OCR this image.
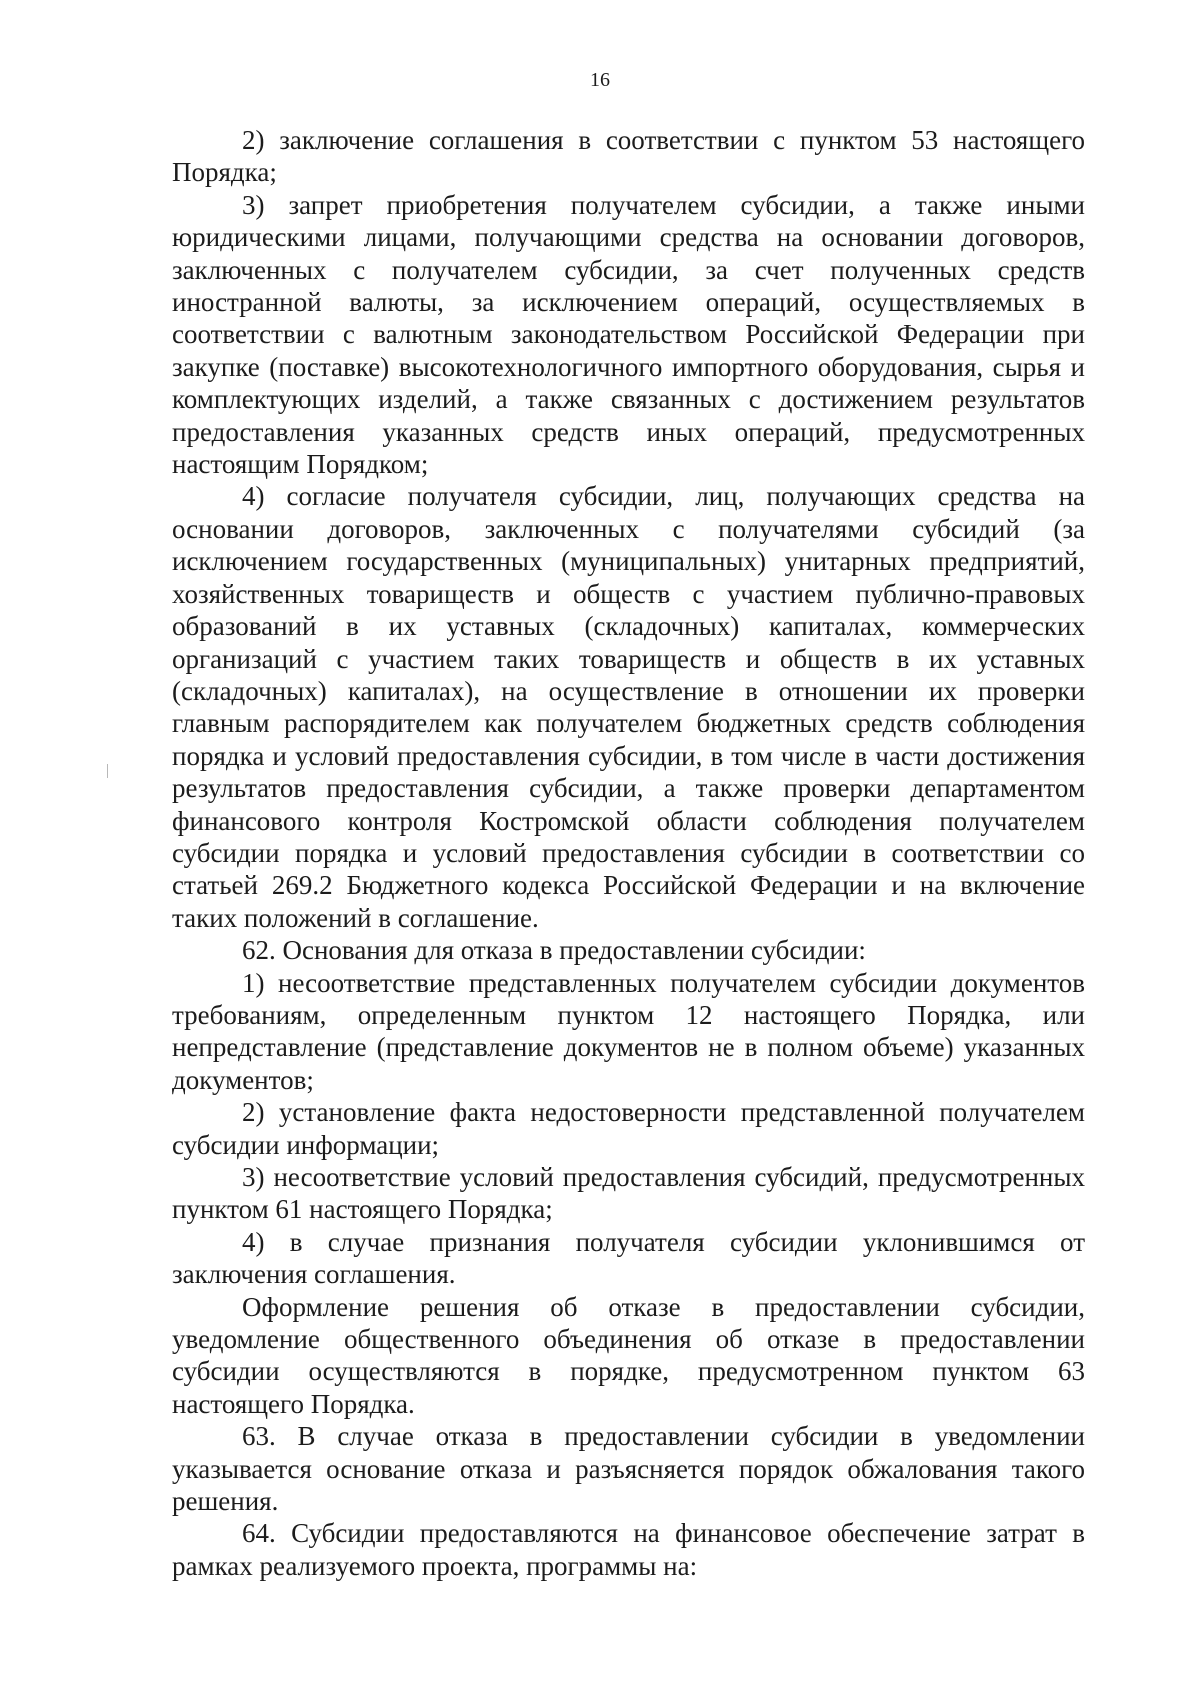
16

2) заключение соглашения в соответствии с пунктом 53 настоящего Порядка;

3) запрет приобретения получателем субсидии, а также иными юридическими лицами, получающими средства на основании договоров, заключенных с получателем субсидии, за счет полученных средств иностранной валюты, за исключением операций, осуществляемых в соответствии с валютным законодательством Российской Федерации при закупке (поставке) высокотехнологичного импортного оборудования, сырья и комплектующих изделий, а также связанных с достижением результатов предоставления указанных средств иных операций, предусмотренных настоящим Порядком;

4) согласие получателя субсидии, лиц, получающих средства на основании договоров, заключенных с получателями субсидий (за исключением государственных (муниципальных) унитарных предприятий, хозяйственных товариществ и обществ с участием публично-правовых образований в их уставных (складочных) капиталах, коммерческих организаций с участием таких товариществ и обществ в их уставных (складочных) капиталах), на осуществление в отношении их проверки главным распорядителем как получателем бюджетных средств соблюдения порядка и условий предоставления субсидии, в том числе в части достижения результатов предоставления субсидии, а также проверки департаментом финансового контроля Костромской области соблюдения получателем субсидии порядка и условий предоставления субсидии в соответствии со статьей 269.2 Бюджетного кодекса Российской Федерации и на включение таких положений в соглашение.

62. Основания для отказа в предоставлении субсидии:

1) несоответствие представленных получателем субсидии документов требованиям, определенным пунктом 12 настоящего Порядка, или непредставление (представление документов не в полном объеме) указанных документов;

2) установление факта недостоверности представленной получателем субсидии информации;

3) несоответствие условий предоставления субсидий, предусмотренных пунктом 61 настоящего Порядка;

4) в случае признания получателя субсидии уклонившимся от заключения соглашения.

Оформление решения об отказе в предоставлении субсидии, уведомление общественного объединения об отказе в предоставлении субсидии осуществляются в порядке, предусмотренном пунктом 63 настоящего Порядка.

63. В случае отказа в предоставлении субсидии в уведомлении указывается основание отказа и разъясняется порядок обжалования такого решения.

64. Субсидии предоставляются на финансовое обеспечение затрат в рамках реализуемого проекта, программы на:
